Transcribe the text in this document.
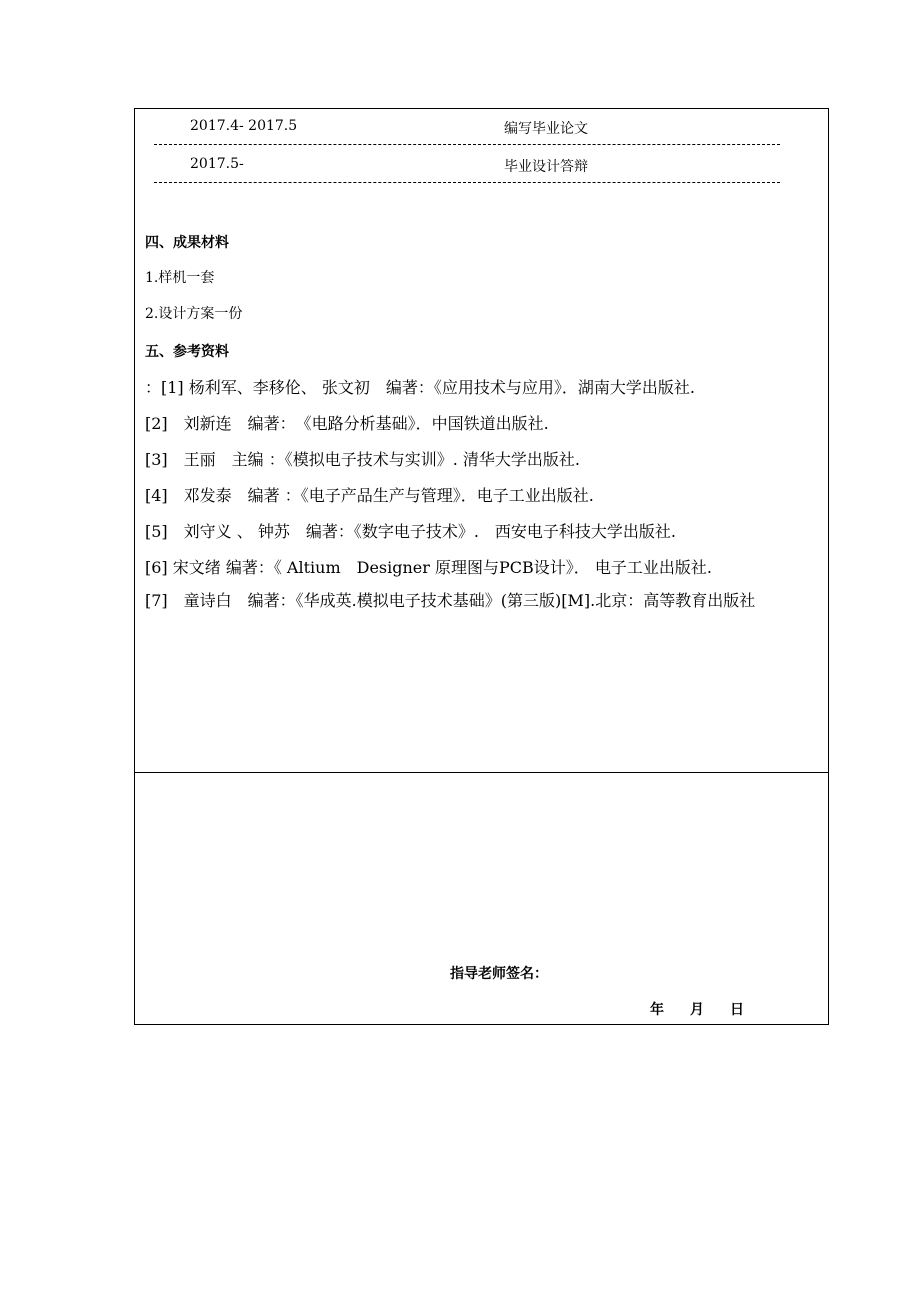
2017.4- 2017.5	编写毕业论文
2017.5-	毕业设计答辩
四、成果材料
1.样机一套
2.设计方案一份
五、参考资料
：[1] 杨利军、李移伦、 张文初　编著：《应用技术与应用》．湖南大学出版社.
[2]　刘新连　编著：　《电路分析基础》．中国铁道出版社.
[3]　王丽　主编 ：《模拟电子技术与实训》. 清华大学出版社.
[4]　邓发泰　编著 ：《电子产品生产与管理》．电子工业出版社.
[5]　刘守义 、 钟苏　编著：《数字电子技术》.　西安电子科技大学出版社.
[6] 宋文绪 编著：《 Altium　Designer 原理图与PCB设计》． 电子工业出版社.
[7]　童诗白　编著：《华成英.模拟电子技术基础》(第三版)[M].北京：高等教育出版社
指导老师签名：
年 月 日
